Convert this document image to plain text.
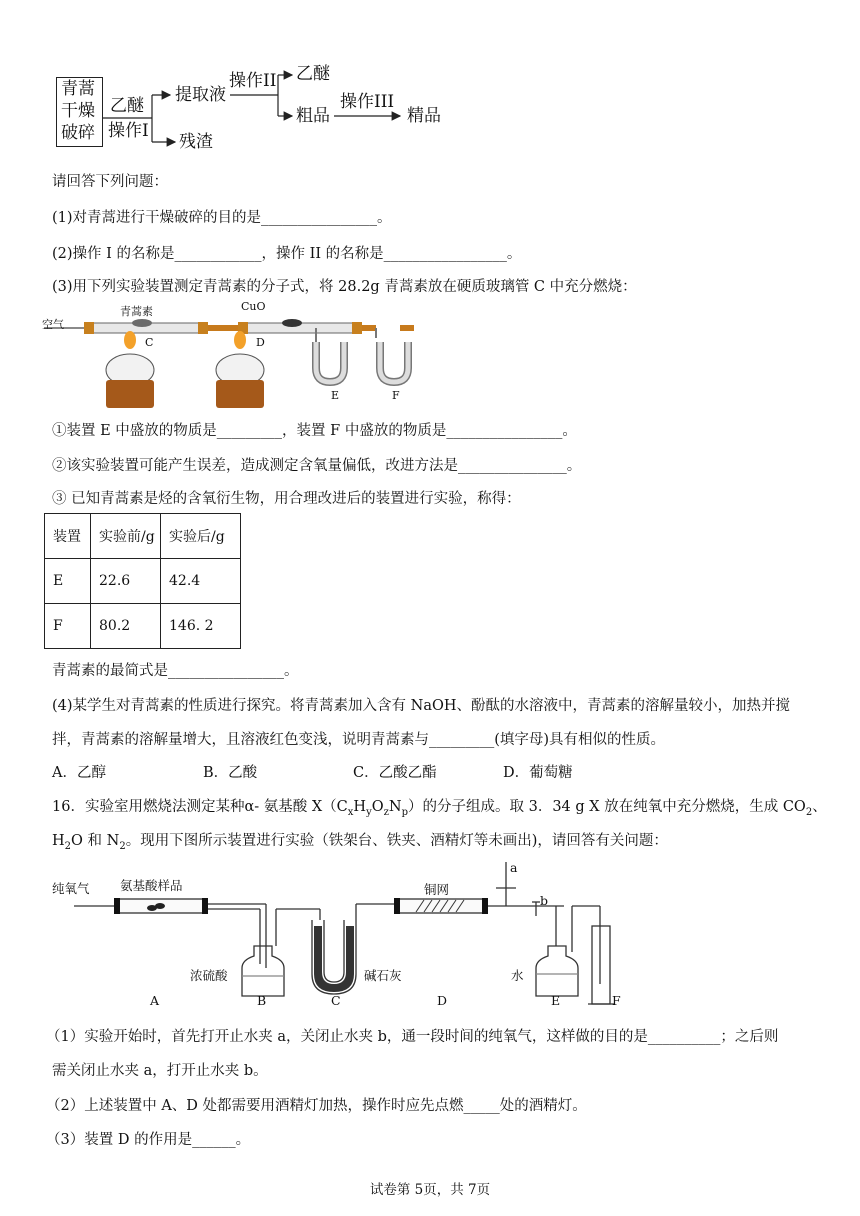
青蒿
干燥
破碎
乙醚
操作I
提取液
残渣
操作II 乙醚
粗品
操作III
精品
请回答下列问题：
(1)对青蒿进行干燥破碎的目的是________________。
(2)操作 I 的名称是____________，操作 II 的名称是_________________。
(3)用下列实验装置测定青蒿素的分子式，将 28.2g 青蒿素放在硬质玻璃管 C 中充分燃烧：
空气
青蒿素	CuO
C	D
E	F
①装置 E 中盛放的物质是_________，装置 F 中盛放的物质是________________。
②该实验装置可能产生误差，造成测定含氧量偏低，改进方法是_______________。
③ 已知青蒿素是烃的含氧衍生物，用合理改进后的装置进行实验，称得：
装置	实验前/g	实验后/g
E	22.6	42.4
F	80.2	146. 2
青蒿素的最简式是________________。
(4)某学生对青蒿素的性质进行探究。将青蒿素加入含有 NaOH、酚酞的水溶液中，青蒿素的溶解量较小，加热并搅
拌，青蒿素的溶解量增大，且溶液红色变浅，说明青蒿素与_________(填字母)具有相似的性质。
A．乙醇	B．乙酸	C．乙酸乙酯	D．葡萄糖
16．实验室用燃烧法测定某种α- 氨基酸 $X(C_xH_yO_zN_p)$的分子组成。取 3．34 g X 放在纯氧中充分燃烧，生成 $CO_2$、
$H_2O$ 和 $N_2$。现用下图所示装置进行实验（铁架台、铁夹、酒精灯等未画出)，请回答有关问题：
纯氧气 氨基酸样品	铜网
浓硫酸	碱石灰	水
a
b
A	B	C	D	E	F
（1）实验开始时，首先打开止水夹 a，关闭止水夹 b，通一段时间的纯氧气，这样做的目的是__________；之后则
需关闭止水夹 a，打开止水夹 b。
（2）上述装置中 A、D 处都需要用酒精灯加热，操作时应先点燃_____处的酒精灯。
（3）装置 D 的作用是______。
试卷第 5页，共 7页
